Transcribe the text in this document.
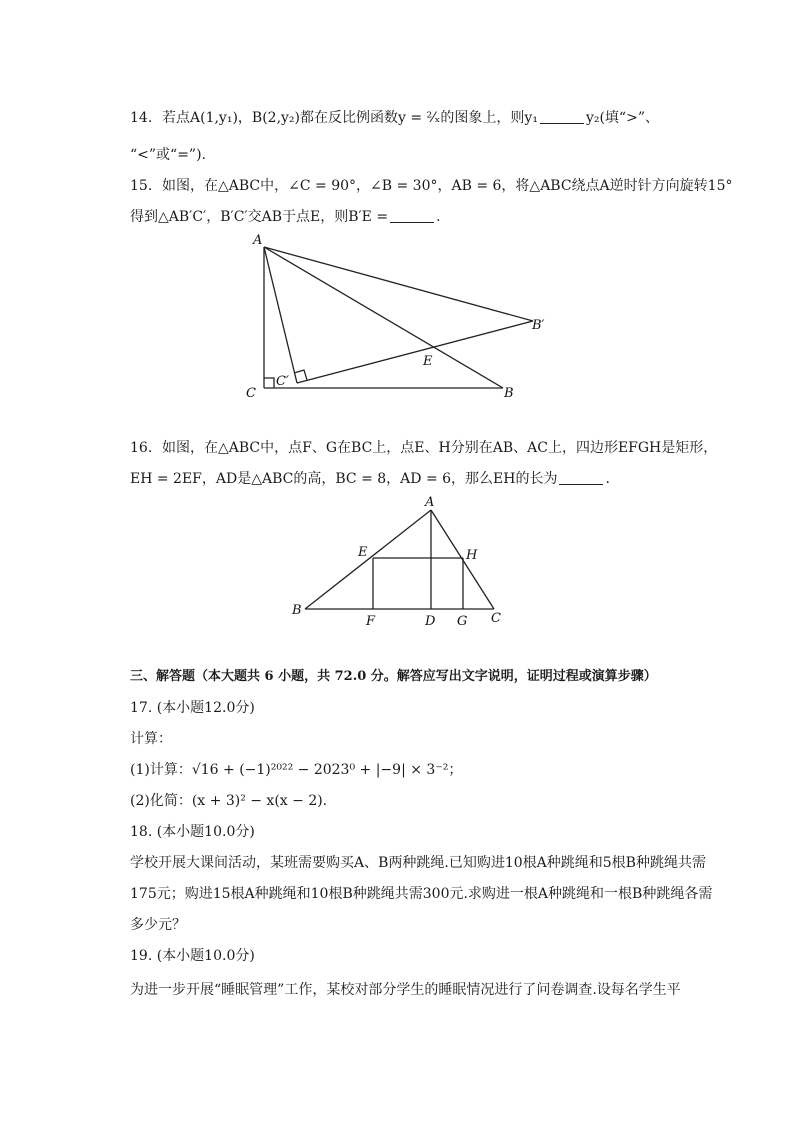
14. 若点A(1,y₁)，B(2,y₂)都在反比例函数y = ²⁄ₓ的图象上，则y₁	y₂(填“>”、
“<”或“=”).
15. 如图，在△ABC中，∠C = 90°，∠B = 30°，AB = 6，将△ABC绕点A逆时针方向旋转15°
得到△AB′C′，B′C′交AB于点E，则B′E =	.
A
C
C′
B
B′
E
16. 如图，在△ABC中，点F、G在BC上，点E、H分别在AB、AC上，四边形EFGH是矩形，
EH = 2EF，AD是△ABC的高，BC = 8，AD = 6，那么EH的长为	.
A
E	H
B
F	D G C
三、解答题（本大题共 6 小题，共 72.0 分。解答应写出文字说明，证明过程或演算步骤）
17. (本小题12.0分)
计算：
(1)计算：√16 + (−1)²⁰²² − 2023⁰ + |−9| × 3⁻²；
(2)化简：(x + 3)² − x(x − 2).
18. (本小题10.0分)
学校开展大课间活动，某班需要购买A、B两种跳绳.已知购进10根A种跳绳和5根B种跳绳共需
175元；购进15根A种跳绳和10根B种跳绳共需300元.求购进一根A种跳绳和一根B种跳绳各需
多少元？
19. (本小题10.0分)
为进一步开展“睡眠管理”工作，某校对部分学生的睡眠情况进行了问卷调查.设每名学生平
